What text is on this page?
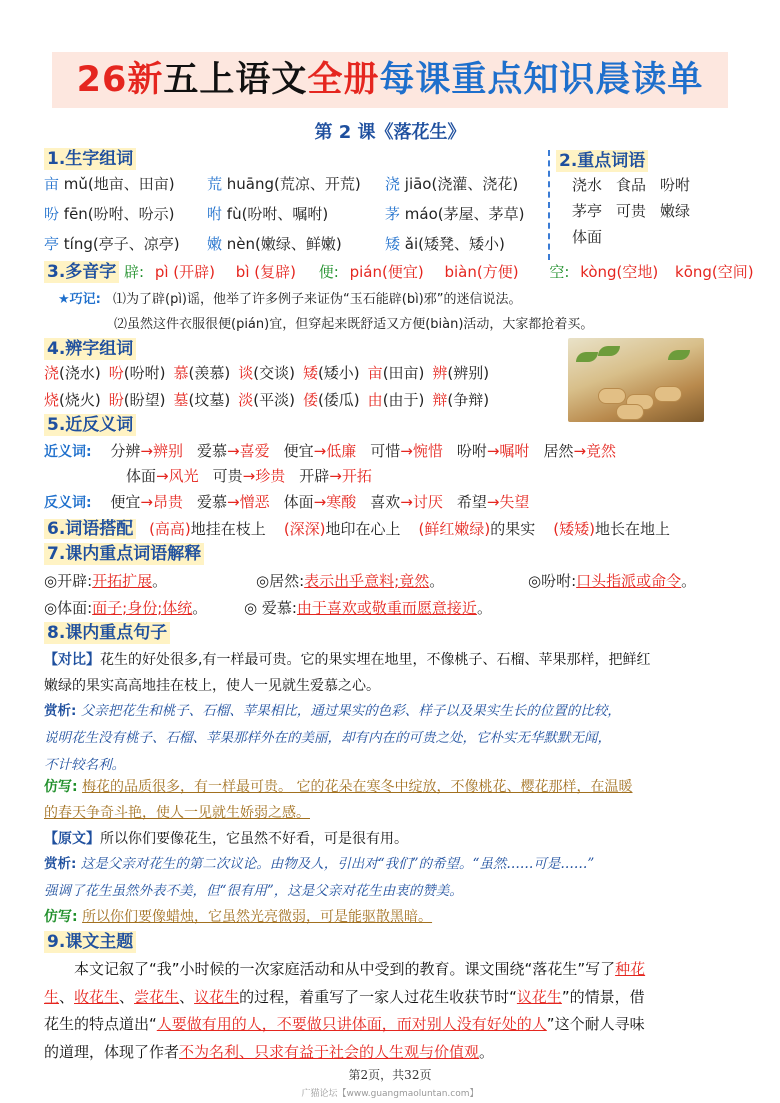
26新五上语文全册每课重点知识晨读单
第 2 课《落花生》
1.生字组词
亩 mǔ(地亩、田亩) 荒 huāng(荒凉、开荒) 浇 jiāo(浇灌、浇花)
吩 fēn(吩咐、吩示) 咐 fù(吩咐、嘱咐)	茅 máo(茅屋、茅草)
亭 tíng(亭子、凉亭) 嫩 nèn(嫩绿、鲜嫩)	矮 ǎi(矮凳、矮小)
2.重点词语
浇水 食品 吩咐
茅亭 可贵 嫩绿
体面
3.多音字 辟: pì (开辟) bì (复辟) 便: pián(便宜) biàn(方便) 空: kòng(空地) kōng(空间)
★巧记: ⑴为了辟(pì)谣，他举了许多例子来证伪“玉石能辟(bì)邪”的迷信说法。
⑵虽然这件衣服很便(pián)宜，但穿起来既舒适又方便(biàn)活动，大家都抢着买。
4.辨字组词
浇(浇水) 吩(吩咐) 慕(羡慕) 谈(交谈) 矮(矮小) 亩(田亩) 辨(辨别)
烧(烧火) 盼(盼望) 墓(坟墓) 淡(平淡) 倭(倭瓜) 由(由于) 辩(争辩)
5.近反义词
近义词: 分辨→辨别 爱慕→喜爱 便宜→低廉 可惜→惋惜 吩咐→嘱咐 居然→竟然
体面→风光 可贵→珍贵 开辟→开拓
反义词: 便宜→昂贵 爱慕→憎恶 体面→寒酸 喜欢→讨厌 希望→失望
6.词语搭配 (高高)地挂在枝上 (深深)地印在心上 (鲜红嫩绿)的果实 (矮矮)地长在地上
7.课内重点词语解释
◎开辟:开拓扩展。	◎居然:表示出乎意料;竟然。	◎吩咐:口头指派或命令。
◎体面:面子;身份;体统。 ◎ 爱慕:由于喜欢或敬重而愿意接近。
8.课内重点句子
【对比】花生的好处很多,有一样最可贵。它的果实埋在地里，不像桃子、石榴、苹果那样，把鲜红
嫩绿的果实高高地挂在枝上，使人一见就生爱慕之心。
赏析: 父亲把花生和桃子、石榴、苹果相比，通过果实的色彩、样子以及果实生长的位置的比较，
说明花生没有桃子、石榴、苹果那样外在的美丽，却有内在的可贵之处，它朴实无华默默无闻，
不计较名利。
仿写: 梅花的品质很多，有一样最可贵。 它的花朵在寒冬中绽放，不像桃花、樱花那样，在温暖
的春天争奇斗艳，使人一见就生娇弱之感。
【原文】所以你们要像花生，它虽然不好看，可是很有用。
赏析: 这是父亲对花生的第二次议论。由物及人，引出对“我们”的希望。“虽然……可是……”
强调了花生虽然外表不美，但“很有用”，这是父亲对花生由衷的赞美。
仿写: 所以你们要像蜡烛，它虽然光亮微弱，可是能驱散黑暗。
9.课文主题
本文记叙了“我”小时候的一次家庭活动和从中受到的教育。课文围绕“落花生”写了种花
生、收花生、尝花生、议花生的过程，着重写了一家人过花生收获节时“议花生”的情景，借
花生的特点道出“人要做有用的人，不要做只讲体面，而对别人没有好处的人”这个耐人寻味
的道理，体现了作者不为名利、只求有益于社会的人生观与价值观。
第2页，共32页
广猫论坛【www.guangmaoluntan.com】
